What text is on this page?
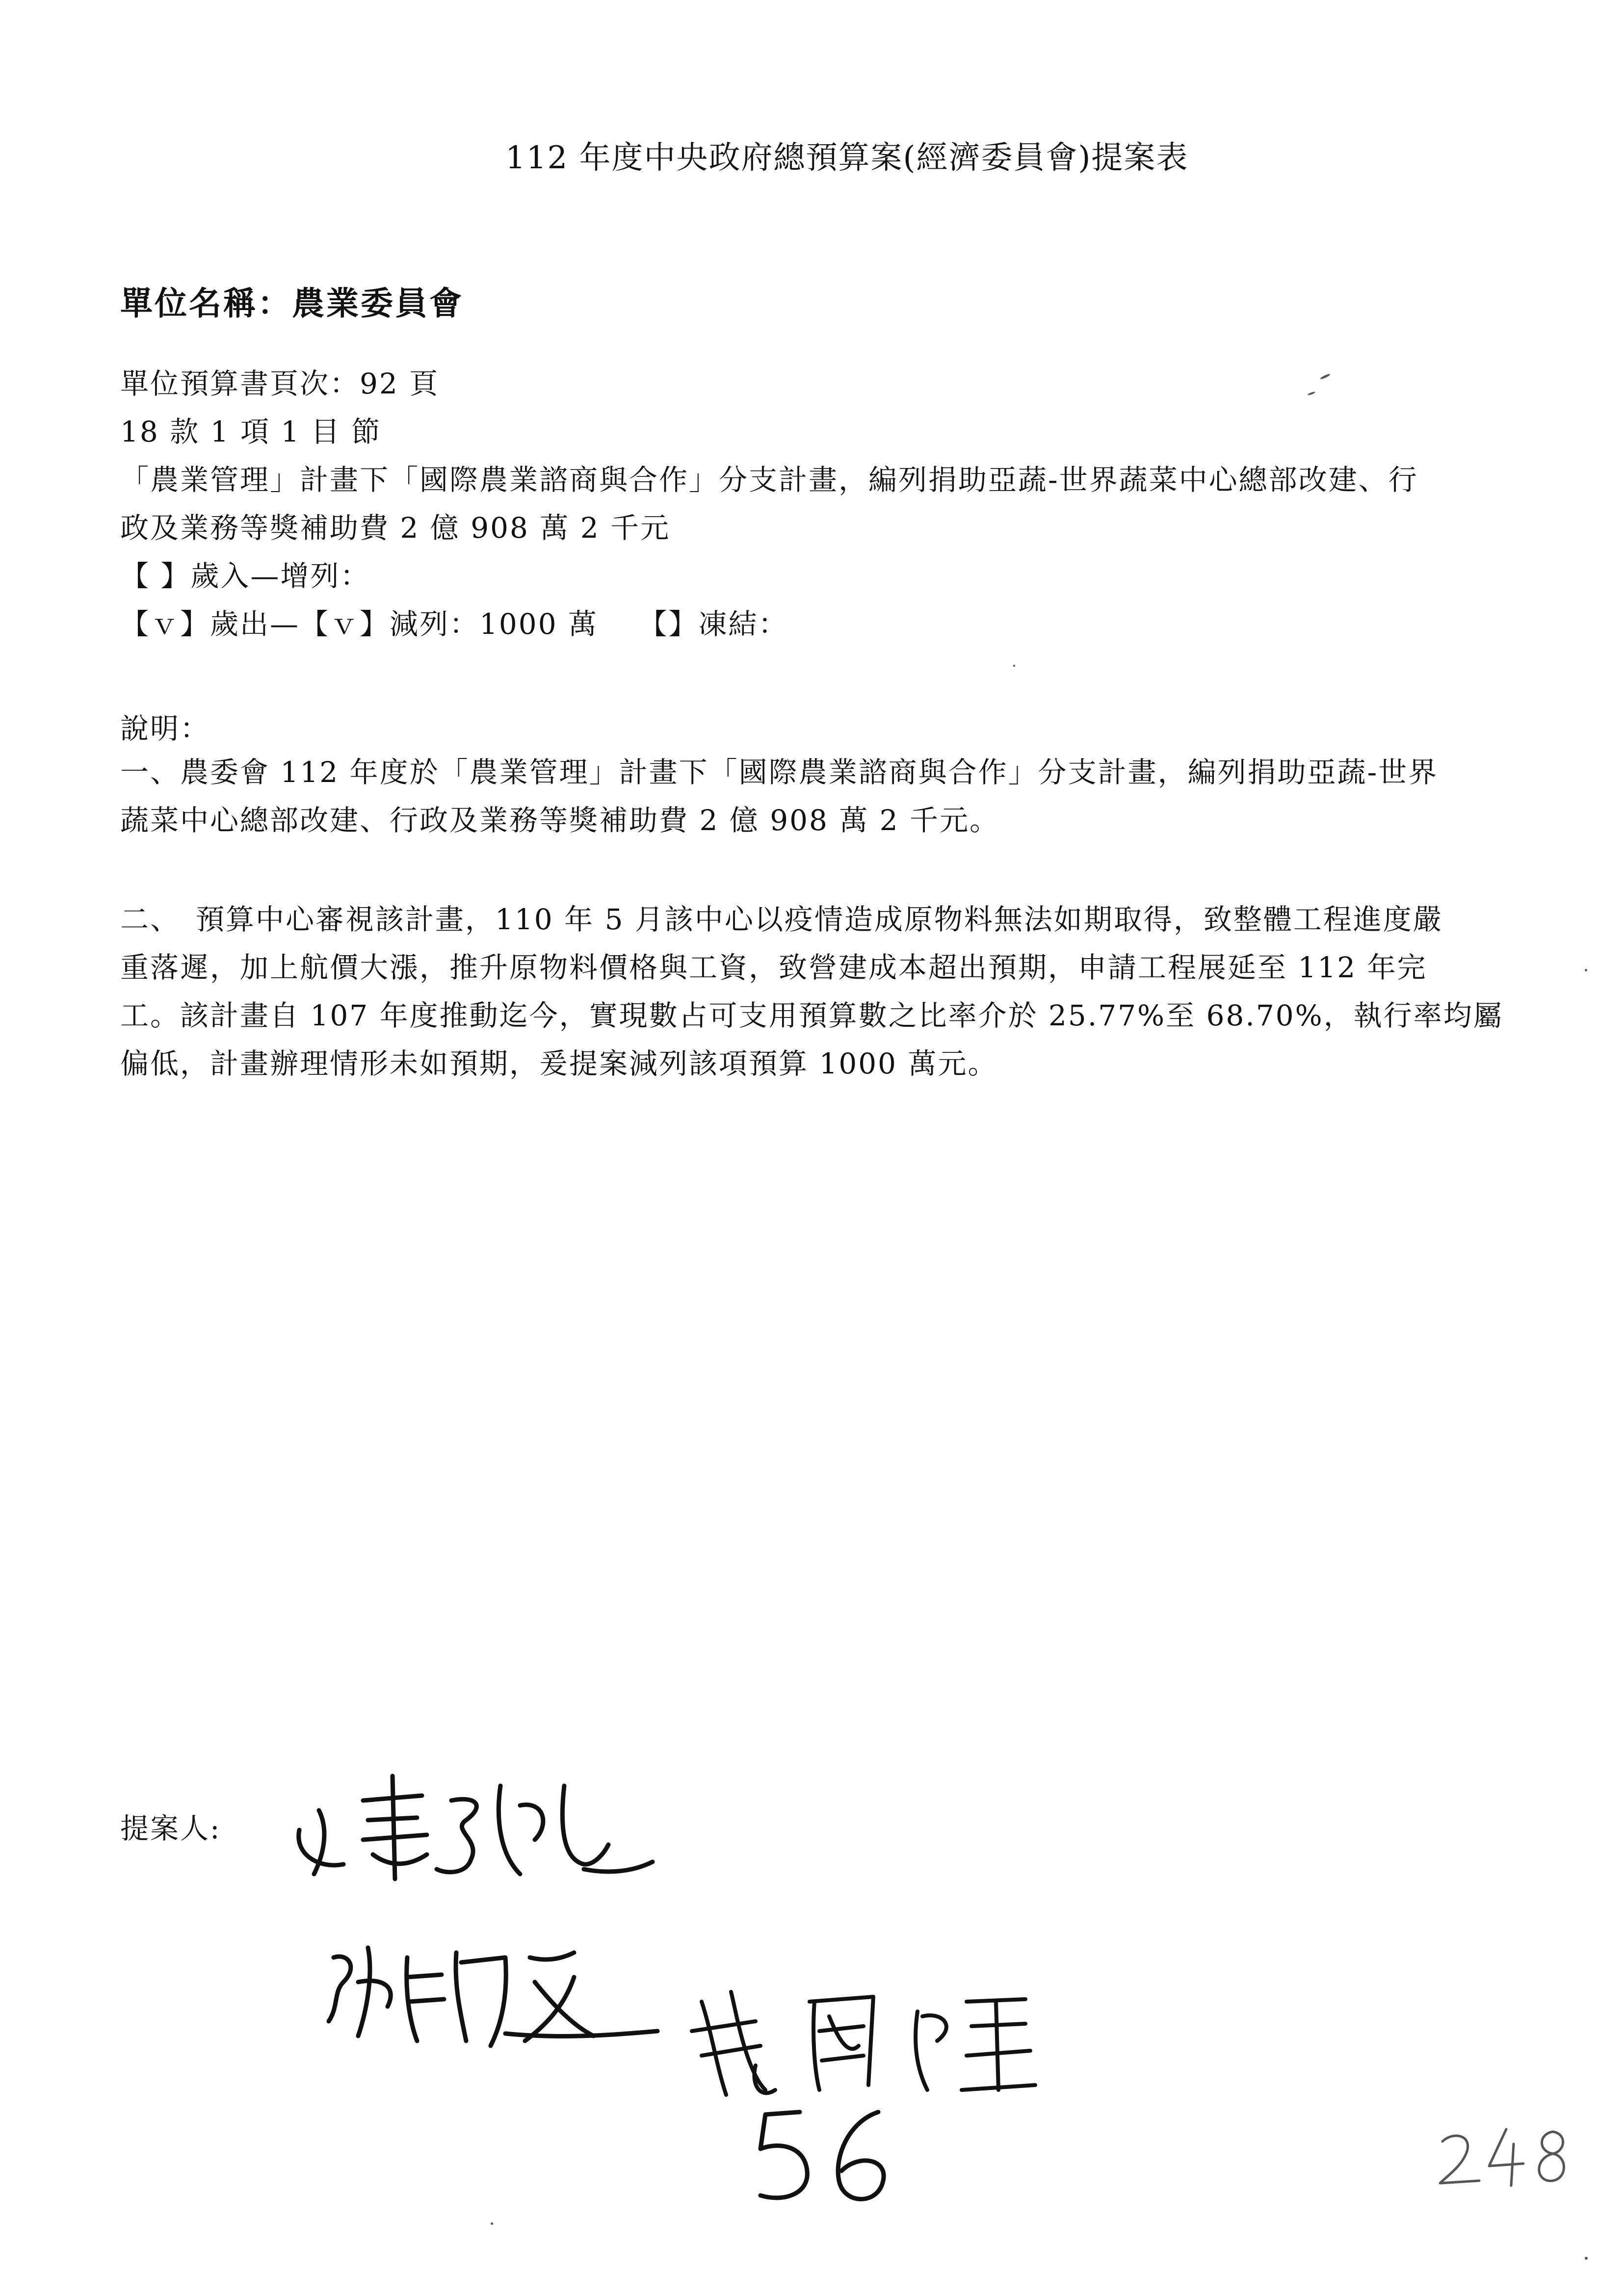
112 年度中央政府總預算案(經濟委員會)提案表
單位名稱：農業委員會
單位預算書頁次：92 頁
18 款 1 項 1 目 節
「農業管理」計畫下「國際農業諮商與合作」分支計畫，編列捐助亞蔬-世界蔬菜中心總部改建、行
政及業務等獎補助費 2 億 908 萬 2 千元
【 】歲入—增列：
【ｖ】歲出—【ｖ】減列：1000 萬　 【】凍結：
說明：
一、農委會 112 年度於「農業管理」計畫下「國際農業諮商與合作」分支計畫，編列捐助亞蔬-世界
蔬菜中心總部改建、行政及業務等獎補助費 2 億 908 萬 2 千元。
二、　預算中心審視該計畫，110 年 5 月該中心以疫情造成原物料無法如期取得，致整體工程進度嚴
重落遲，加上航價大漲，推升原物料價格與工資，致營建成本超出預期，申請工程展延至 112 年完
工。該計畫自 107 年度推動迄今，實現數占可支用預算數之比率介於 25.77%至 68.70%，執行率均屬
偏低，計畫辦理情形未如預期，爰提案減列該項預算 1000 萬元。
提案人:
